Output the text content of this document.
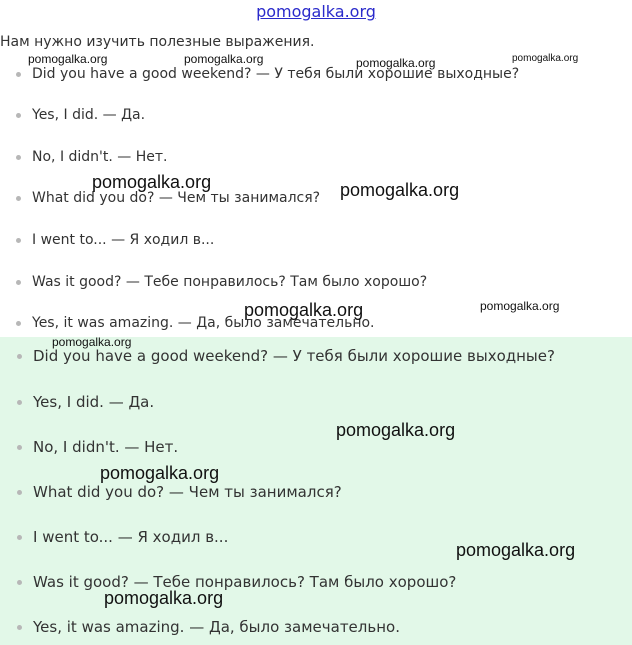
pomogalka.org
Нам нужно изучить полезные выражения.
Did you have a good weekend? — У тебя были хорошие выходные?
Yes, I did. — Да.
No, I didn't. — Нет.
What did you do? — Чем ты занимался?
I went to... — Я ходил в...
Was it good? — Тебе понравилось? Там было хорошо?
Yes, it was amazing. — Да, было замечательно.
Did you have a good weekend? — У тебя были хорошие выходные?
Yes, I did. — Да.
No, I didn't. — Нет.
What did you do? — Чем ты занимался?
I went to... — Я ходил в...
Was it good? — Тебе понравилось? Там было хорошо?
Yes, it was amazing. — Да, было замечательно.
pomogalka.org	pomogalka.org	pomogalka.org	pomogalka.org
pomogalka.org	pomogalka.org
pomogalka.org	pomogalka.org
pomogalka.org
pomogalka.org
pomogalka.org
pomogalka.org
pomogalka.org
